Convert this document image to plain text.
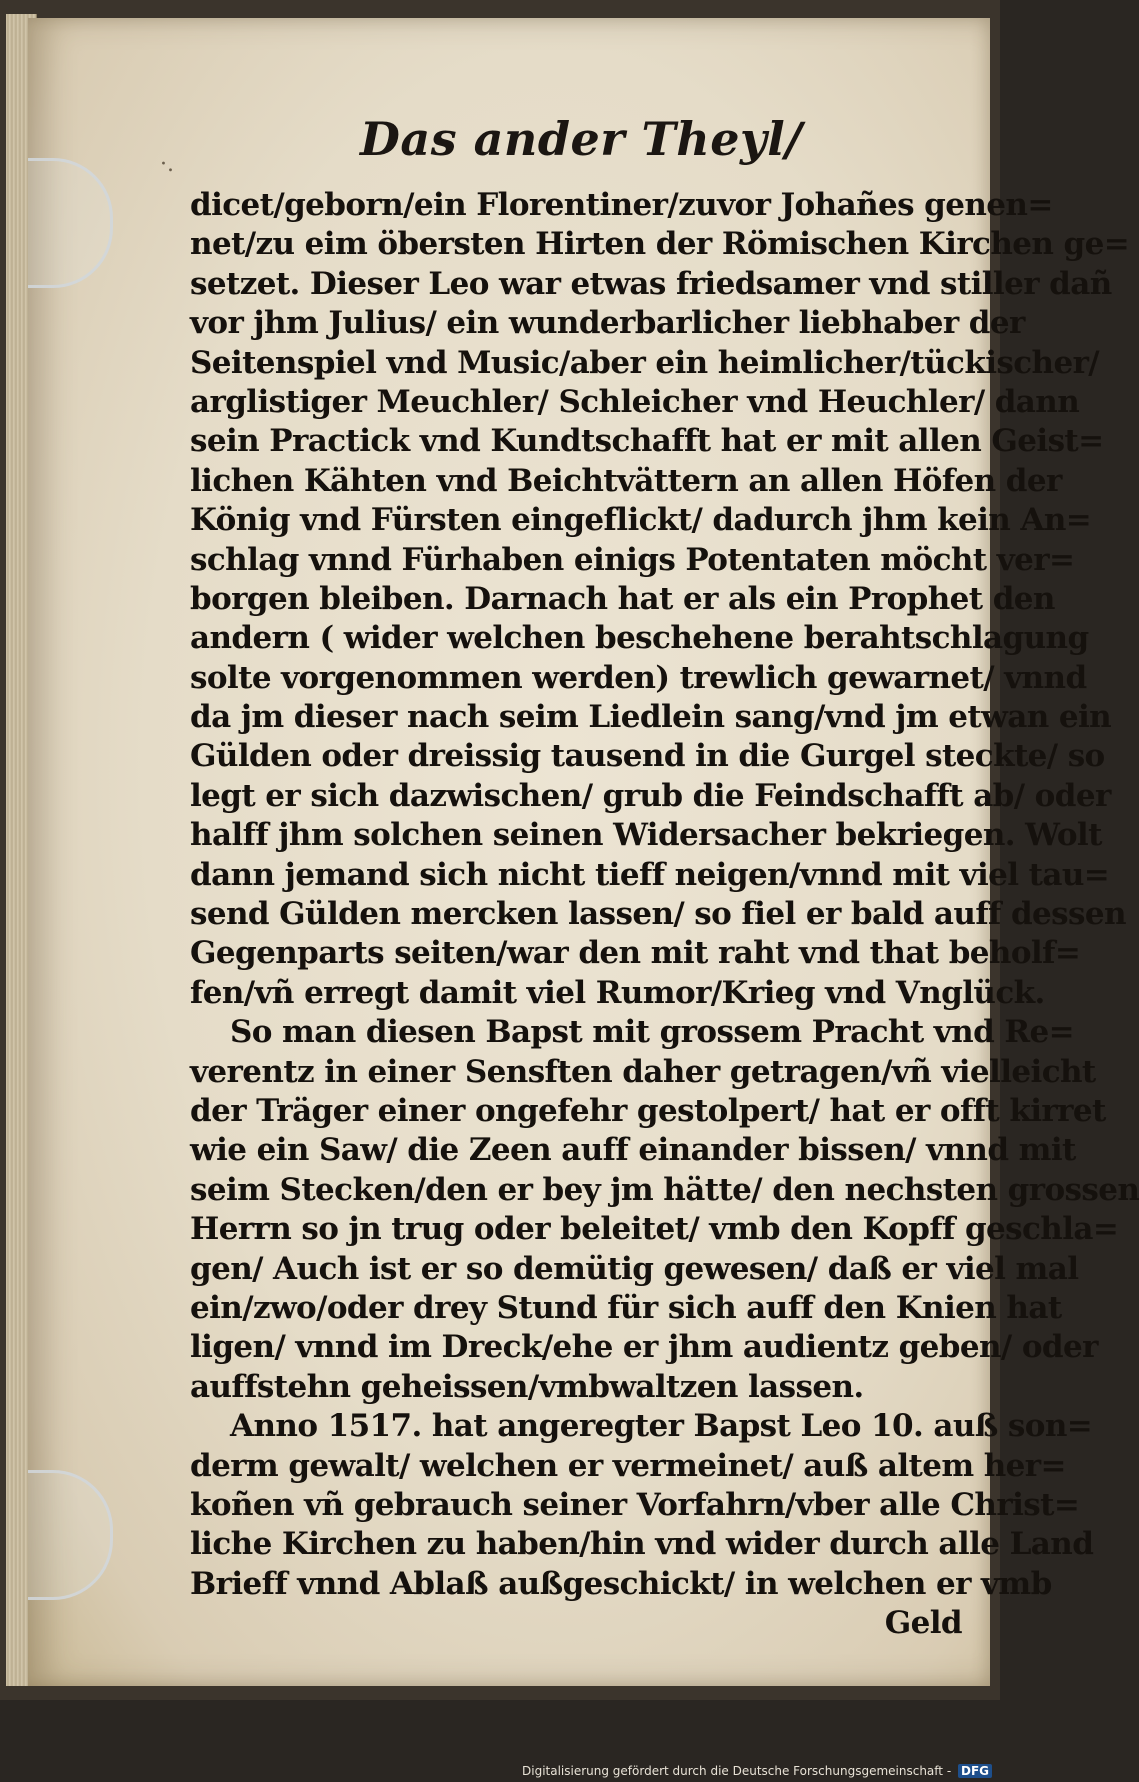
·.	Das ander Theyl/
dicet/geborn/ein Florentiner/zuvor Johañes genen=
net/zu eim öbersten Hirten der Römischen Kirchen ge=
setzet. Dieser Leo war etwas friedsamer vnd stiller dañ
vor jhm Julius/ ein wunderbarlicher liebhaber der
Seitenspiel vnd Music/aber ein heimlicher/tückischer/
arglistiger Meuchler/ Schleicher vnd Heuchler/ dann
sein Practick vnd Kundtschafft hat er mit allen Geist=
lichen Kähten vnd Beichtvättern an allen Höfen der
König vnd Fürsten eingeflickt/ dadurch jhm kein An=
schlag vnnd Fürhaben einigs Potentaten möcht ver=
borgen bleiben. Darnach hat er als ein Prophet den
andern ( wider welchen beschehene berahtschlagung
solte vorgenommen werden) trewlich gewarnet/ vnnd
da jm dieser nach seim Liedlein sang/vnd jm etwan ein
Gülden oder dreissig tausend in die Gurgel steckte/ so
legt er sich dazwischen/ grub die Feindschafft ab/ oder
halff jhm solchen seinen Widersacher bekriegen. Wolt
dann jemand sich nicht tieff neigen/vnnd mit viel tau=
send Gülden mercken lassen/ so fiel er bald auff dessen
Gegenparts seiten/war den mit raht vnd that beholf=
fen/vñ erregt damit viel Rumor/Krieg vnd Vnglück.
So man diesen Bapst mit grossem Pracht vnd Re=
verentz in einer Sensften daher getragen/vñ vielleicht
der Träger einer ongefehr gestolpert/ hat er offt kirret
wie ein Saw/ die Zeen auff einander bissen/ vnnd mit
seim Stecken/den er bey jm hätte/ den nechsten grossen
Herrn so jn trug oder beleitet/ vmb den Kopff geschla=
gen/ Auch ist er so demütig gewesen/ daß er viel mal
ein/zwo/oder drey Stund für sich auff den Knien hat
ligen/ vnnd im Dreck/ehe er jhm audientz geben/ oder
auffstehn geheissen/vmbwaltzen lassen.
Anno 1517. hat angeregter Bapst Leo 10. auß son=
derm gewalt/ welchen er vermeinet/ auß altem her=
koñen vñ gebrauch seiner Vorfahrn/vber alle Christ=
liche Kirchen zu haben/hin vnd wider durch alle Land
Brieff vnnd Ablaß außgeschickt/ in welchen er vmb
Geld
Digitalisierung gefördert durch die Deutsche Forschungsgemeinschaft - DFG
